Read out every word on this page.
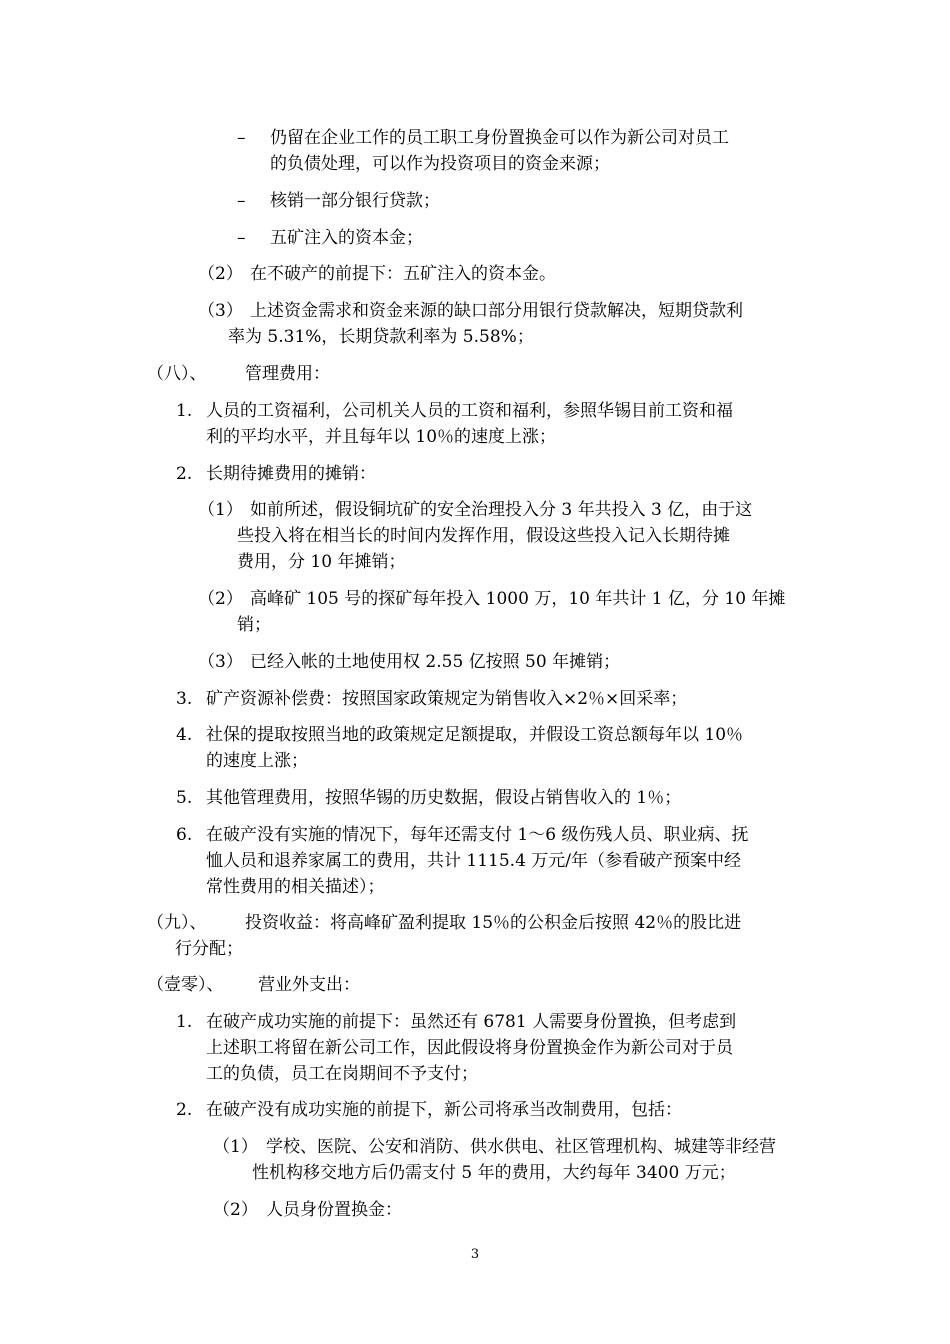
– 仍留在企业工作的员工职工身份置换金可以作为新公司对员工
的负债处理，可以作为投资项目的资金来源；
– 核销一部分银行贷款；
– 五矿注入的资本金；
（2） 在不破产的前提下：五矿注入的资本金。
（3） 上述资金需求和资金来源的缺口部分用银行贷款解决，短期贷款利
率为 5.31%，长期贷款利率为 5.58%；
（八）、 管理费用：
1. 人员的工资福利，公司机关人员的工资和福利，参照华锡目前工资和福
利的平均水平，并且每年以 10％的速度上涨；
2. 长期待摊费用的摊销：
（1） 如前所述，假设铜坑矿的安全治理投入分 3 年共投入 3 亿，由于这
些投入将在相当长的时间内发挥作用，假设这些投入记入长期待摊
费用，分 10 年摊销；
（2） 高峰矿 105 号的探矿每年投入 1000 万，10 年共计 1 亿，分 10 年摊
销；
（3） 已经入帐的土地使用权 2.55 亿按照 50 年摊销；
3. 矿产资源补偿费：按照国家政策规定为销售收入×2％×回采率；
4. 社保的提取按照当地的政策规定足额提取，并假设工资总额每年以 10％
的速度上涨；
5. 其他管理费用，按照华锡的历史数据，假设占销售收入的 1％；
6. 在破产没有实施的情况下，每年还需支付 1～6 级伤残人员、职业病、抚
恤人员和退养家属工的费用，共计 1115.4 万元/年（参看破产预案中经
常性费用的相关描述）；
（九）、 投资收益：将高峰矿盈利提取 15％的公积金后按照 42％的股比进
行分配；
（壹零）、 营业外支出：
1. 在破产成功实施的前提下：虽然还有 6781 人需要身份置换，但考虑到
上述职工将留在新公司工作，因此假设将身份置换金作为新公司对于员
工的负债，员工在岗期间不予支付；
2. 在破产没有成功实施的前提下，新公司将承当改制费用，包括：
（1） 学校、医院、公安和消防、供水供电、社区管理机构、城建等非经营
性机构移交地方后仍需支付 5 年的费用，大约每年 3400 万元；
（2） 人员身份置换金：
3
